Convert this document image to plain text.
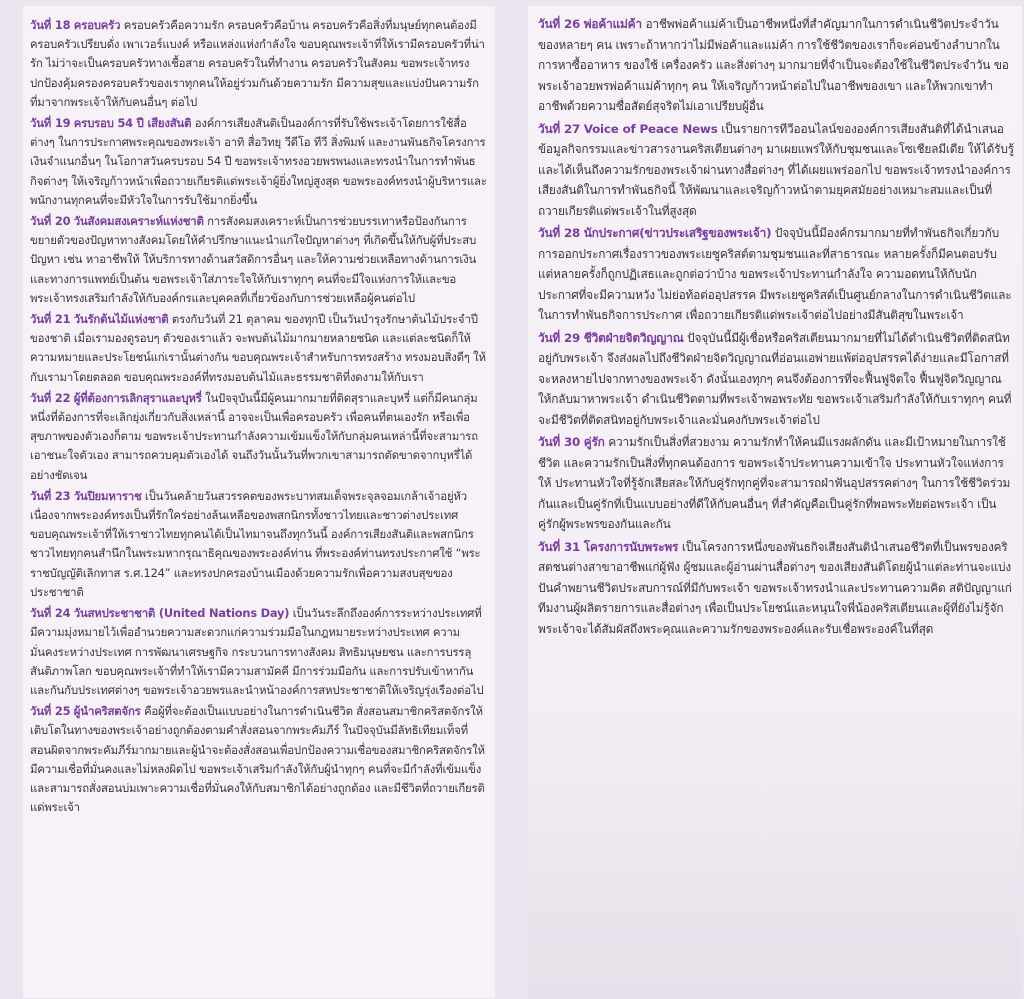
วันที่ 18 ครอบครัว ครอบครัวคือความรัก ครอบครัวคือบ้าน ครอบครัวคือสิ่งที่มนุษย์ทุกคนต้องมี ครอบครัวเปรียบดั่ง เพาเวอร์แบงค์ หรือแหล่งแห่งกำลังใจ ขอบคุณพระเจ้าที่ให้เรามีครอบครัวที่น่ารัก ไม่ว่าจะเป็นครอบครัวทางเชื้อสาย ครอบครัวในที่ทำงาน ครอบครัวในสังคม ขอพระเจ้าทรงปกป้องคุ้มครองครอบครัวของเราทุกคนให้อยู่ร่วมกันด้วยความรัก มีความสุขและแบ่งปันความรักที่มาจากพระเจ้าให้กับคนอื่นๆ ต่อไป

วันที่ 19 ครบรอบ 54 ปี เสียงสันติ องค์การเสียงสันติเป็นองค์การที่รับใช้พระเจ้าโดยการใช้สื่อต่างๆ ในการประกาศพระคุณของพระเจ้า อาทิ สื่อวิทยุ วีดีโอ ทีวี สิ่งพิมพ์ และงานพันธกิจโครงการเงินจำแนกอื่นๆ ในโอกาสวันครบรอบ 54 ปี ขอพระเจ้าทรงอวยพรพนงและทรงนำในการทำพันธกิจต่างๆ ให้เจริญก้าวหน้าเพื่อถวายเกียรติแด่พระเจ้าผู้ยิ่งใหญ่สูงสุด ขอพระองค์ทรงนำผู้บริหารและพนักงานทุกคนที่จะมีหัวใจในการรับใช้มากยิ่งขึ้น

วันที่ 20 วันสังคมสงเคราะห์แห่งชาติ การสังคมสงเคราะห์เป็นการช่วยบรรเทาหรือป้องกันการขยายตัวของปัญหาทางสังคมโดยให้คำปรึกษาแนะนำแก่ใจปัญหาต่างๆ ที่เกิดขึ้นให้กับผู้ที่ประสบปัญหา เช่น หาอาชีพให้ ให้บริการทางด้านสวัสดิการอื่นๆ และให้ความช่วยเหลือทางด้านการเงินและทางการแพทย์เป็นต้น ขอพระเจ้าใส่ภาระใจให้กับเราทุกๆ คนที่จะมีใจแห่งการให้และขอพระเจ้าทรงเสริมกำลังให้กับองค์กรและบุคคลที่เกี่ยวข้องกับการช่วยเหลือผู้คนต่อไป

วันที่ 21 วันรักต้นไม้แห่งชาติ ตรงกับวันที่ 21 ตุลาคม ของทุกปี เป็นวันบำรุงรักษาต้นไม้ประจำปีของชาติ เมื่อเรามองดูรอบๆ ตัวของเราแล้ว จะพบต้นไม้มากมายหลายชนิด และแต่ละชนิดก็ให้ความหมายและประโยชน์แก่เรานั้นต่างกัน ขอบคุณพระเจ้าสำหรับการทรงสร้าง ทรงมอบสิ่งดีๆ ให้กับเรามาโดยตลอด ขอบคุณพระองค์ที่ทรงมอบต้นไม้และธรรมชาติที่งดงามให้กับเรา

วันที่ 22 ผู้ที่ต้องการเลิกสุราและบุหรี่ ในปัจจุบันนี้มีผู้คนมากมายที่ติดสุราและบุหรี่ แต่ก็มีคนกลุ่มหนึ่งที่ต้องการที่จะเลิกยุ่งเกี่ยวกับสิ่งเหล่านี้ อาจจะเป็นเพื่อครอบครัว เพื่อคนที่ตนเองรัก หรือเพื่อสุขภาพของตัวเองก็ตาม ขอพระเจ้าประทานกำลังความเข้มแข็งให้กับกลุ่มคนเหล่านี้ที่จะสามารถเอาชนะใจตัวเอง สามารถควบคุมตัวเองได้ จนถึงวันนั้นวันที่พวกเขาสามารถตัดขาดจากบุหรี่ได้อย่างชัดเจน

วันที่ 23 วันปิยมหาราช เป็นวันคล้ายวันสวรรคตของพระบาทสมเด็จพระจุลจอมเกล้าเจ้าอยู่หัว เนื่องจากพระองค์ทรงเป็นที่รักใคร่อย่างล้นเหลือของพสกนิกรทั้งชาวไทยและชาวต่างประเทศ ขอบคุณพระเจ้าที่ให้เราชาวไทยทุกคนได้เป็นไทมาจนถึงทุกวันนี้ องค์การเสียงสันติและพสกนิกรชาวไทยทุกคนสำนึกในพระมหากรุณาธิคุณของพระองค์ท่าน ที่พระองค์ท่านทรงประกาศใช้ “พระราชบัญญัติเลิกทาส ร.ศ.124” และทรงปกครองบ้านเมืองด้วยความรักเพื่อความสงบสุขของประชาชาติ

วันที่ 24 วันสหประชาชาติ (United Nations Day) เป็นวันระลึกถึงองค์การระหว่างประเทศที่มีความมุ่งหมายไว้เพื่ออำนวยความสะดวกแก่ความร่วมมือในกฎหมายระหว่างประเทศ ความมั่นคงระหว่างประเทศ การพัฒนาเศรษฐกิจ กระบวนการทางสังคม สิทธิมนุษยชน และการบรรลุสันติภาพโลก ขอบคุณพระเจ้าที่ทำให้เรามีความสามัคคี มีการร่วมมือกัน และการปรับเข้าหากันและกันกับประเทศต่างๆ ขอพระเจ้าอวยพรและนำหน้าองค์การสหประชาชาติให้เจริญรุ่งเรืองต่อไป

วันที่ 25 ผู้นำคริสตจักร คือผู้ที่จะต้องเป็นแบบอย่างในการดำเนินชีวิต สั่งสอนสมาชิกคริสตจักรให้เติบโตในทางของพระเจ้าอย่างถูกต้องตามคำสั่งสอนจากพระคัมภีร์ ในปัจจุบันมีลัทธิเทียมเท็จที่สอนผิดจากพระคัมภีร์มากมายและผู้นำจะต้องสั่งสอนเพื่อปกป้องความเชื่อของสมาชิกคริสตจักรให้มีความเชื่อที่มั่นคงและไม่หลงผิดไป ขอพระเจ้าเสริมกำลังให้กับผู้นำทุกๆ คนที่จะมีกำลังที่เข้มแข็งและสามารถสั่งสอนบ่มเพาะความเชื่อที่มั่นคงให้กับสมาชิกได้อย่างถูกต้อง และมีชีวิตที่ถวายเกียรติแด่พระเจ้า

วันที่ 26 พ่อค้าแม่ค้า อาชีพพ่อค้าแม่ค้าเป็นอาชีพหนึ่งที่สำคัญมากในการดำเนินชีวิตประจำวันของหลายๆ คน เพราะถ้าหากว่าไม่มีพ่อค้าและแม่ค้า การใช้ชีวิตของเราก็จะค่อนข้างลำบากในการหาซื้ออาหาร ของใช้ เครื่องครัว และสิ่งต่างๆ มากมายที่จำเป็นจะต้องใช้ในชีวิตประจำวัน ขอพระเจ้าอวยพรพ่อค้าแม่ค้าทุกๆ คน ให้เจริญก้าวหน้าต่อไปในอาชีพของเขา และให้พวกเขาทำอาชีพด้วยความซื่อสัตย์สุจริตไม่เอาเปรียบผู้อื่น

วันที่ 27 Voice of Peace News เป็นรายการทีวีออนไลน์ขององค์การเสียงสันติที่ได้นำเสนอข้อมูลกิจกรรมและข่าวสารงานคริสเตียนต่างๆ มาเผยแพร่ให้กับชุมชนและโซเชียลมีเดีย ให้ได้รับรู้และได้เห็นถึงความรักของพระเจ้าผ่านทางสื่อต่างๆ ที่ได้เผยแพร่ออกไป ขอพระเจ้าทรงนำองค์การเสียงสันติในการทำพันธกิจนี้ ให้พัฒนาและเจริญก้าวหน้าตามยุคสมัยอย่างเหมาะสมและเป็นที่ถวายเกียรติแด่พระเจ้าในที่สูงสุด

วันที่ 28 นักประกาศ(ข่าวประเสริฐของพระเจ้า) ปัจจุบันนี้มีองค์กรมากมายที่ทำพันธกิจเกี่ยวกับการออกประกาศเรื่องราวของพระเยซูคริสต์ตามชุมชนและที่สาธารณะ หลายครั้งก็มีคนตอบรับ แต่หลายครั้งก็ถูกปฏิเสธและถูกต่อว่าบ้าง ขอพระเจ้าประทานกำลังใจ ความอดทนให้กับนักประกาศที่จะมีความหวัง ไม่ย่อท้อต่ออุปสรรค มีพระเยซูคริสต์เป็นศูนย์กลางในการดำเนินชีวิตและในการทำพันธกิจการประกาศ เพื่อถวายเกียรติแด่พระเจ้าต่อไปอย่างมีสันติสุขในพระเจ้า

วันที่ 29 ชีวิตฝ่ายจิตวิญญาณ ปัจจุบันนี้มีผู้เชื่อหรือคริสเตียนมากมายที่ไม่ได้ดำเนินชีวิตที่ติดสนิทอยู่กับพระเจ้า จึงส่งผลไปถึงชีวิตฝ่ายจิตวิญญาณที่อ่อนแอพ่ายแพ้ต่ออุปสรรคได้ง่ายและมีโอกาสที่จะหลงหายไปจากทางของพระเจ้า ดังนั้นเองทุกๆ คนจึงต้องการที่จะฟื้นฟูจิตใจ ฟื้นฟูจิตวิญญาณ ให้กลับมาหาพระเจ้า ดำเนินชีวิตตามที่พระเจ้าพอพระทัย ขอพระเจ้าเสริมกำลังให้กับเราทุกๆ คนที่จะมีชีวิตที่ติดสนิทอยู่กับพระเจ้าและมั่นคงกับพระเจ้าต่อไป

วันที่ 30 คู่รัก ความรักเป็นสิ่งที่สวยงาม ความรักทำให้คนมีแรงผลักดัน และมีเป้าหมายในการใช้ชีวิต และความรักเป็นสิ่งที่ทุกคนต้องการ ขอพระเจ้าประทานความเข้าใจ ประทานหัวใจแห่งการให้ ประทานหัวใจที่รู้จักเสียสละให้กับคู่รักทุกคู่ที่จะสามารถฝ่าฟันอุปสรรคต่างๆ ในการใช้ชีวิตร่วมกันและเป็นคู่รักที่เป็นแบบอย่างที่ดีให้กับคนอื่นๆ ที่สำคัญคือเป็นคู่รักที่พอพระทัยต่อพระเจ้า เป็นคู่รักผู้พระพรของกันและกัน

วันที่ 31 โครงการนับพระพร เป็นโครงการหนึ่งของพันธกิจเสียงสันตินำเสนอชีวิตที่เป็นพรของคริสตชนต่างสาขาอาชีพแก่ผู้ฟัง ผู้ชมและผู้อ่านผ่านสื่อต่างๆ ของเสียงสันติโดยผู้นำแต่ละท่านจะแบ่งปันคำพยานชีวิตประสบการณ์ที่มีกับพระเจ้า ขอพระเจ้าทรงนำและประทานความคิด สติปัญญาแก่ทีมงานผู้ผลิตรายการและสื่อต่างๆ เพื่อเป็นประโยชน์และหนุนใจพี่น้องคริสเตียนและผู้ที่ยังไม่รู้จักพระเจ้าจะได้สัมผัสถึงพระคุณและความรักของพระองค์และรับเชื่อพระองค์ในที่สุด
